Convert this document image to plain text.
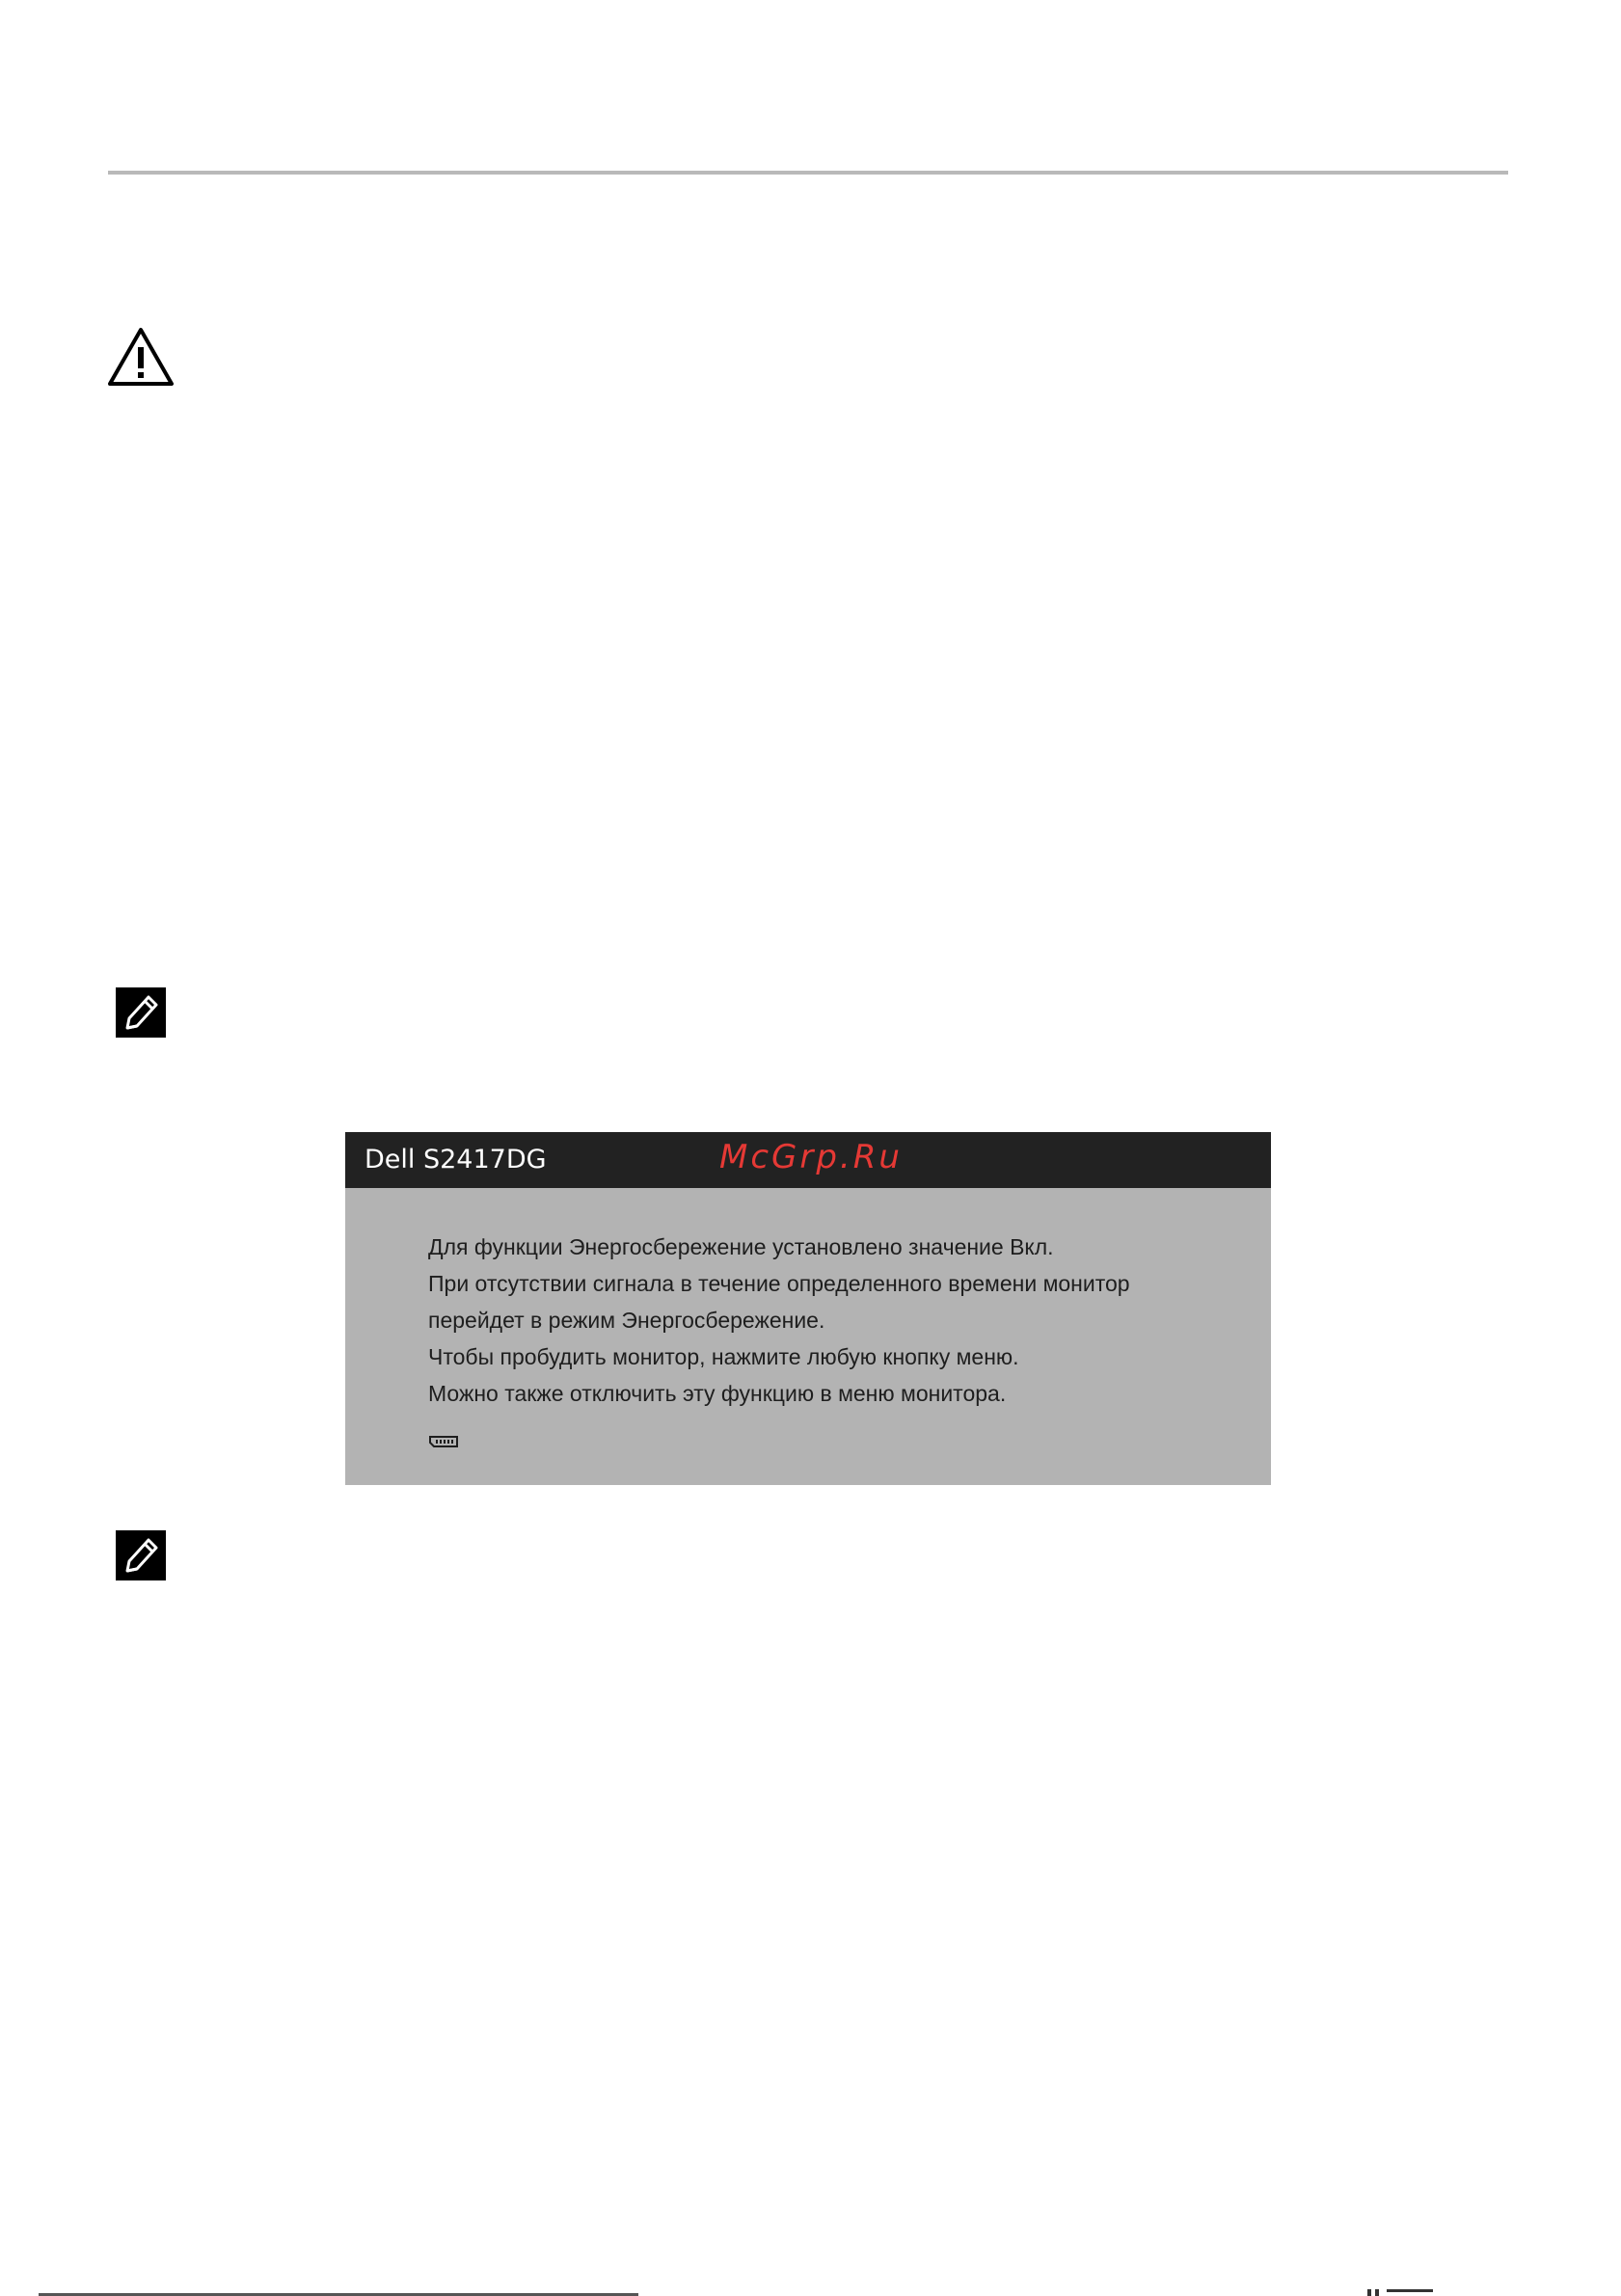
Dell S2417DG	McGrp.Ru
Для функции Энергосбережение установлено значение Вкл.
При отсутствии сигнала в течение определенного времени монитор
перейдет в режим Энергосбережение.
Чтобы пробудить монитор, нажмите любую кнопку меню.
Можно также отключить эту функцию в меню монитора.
